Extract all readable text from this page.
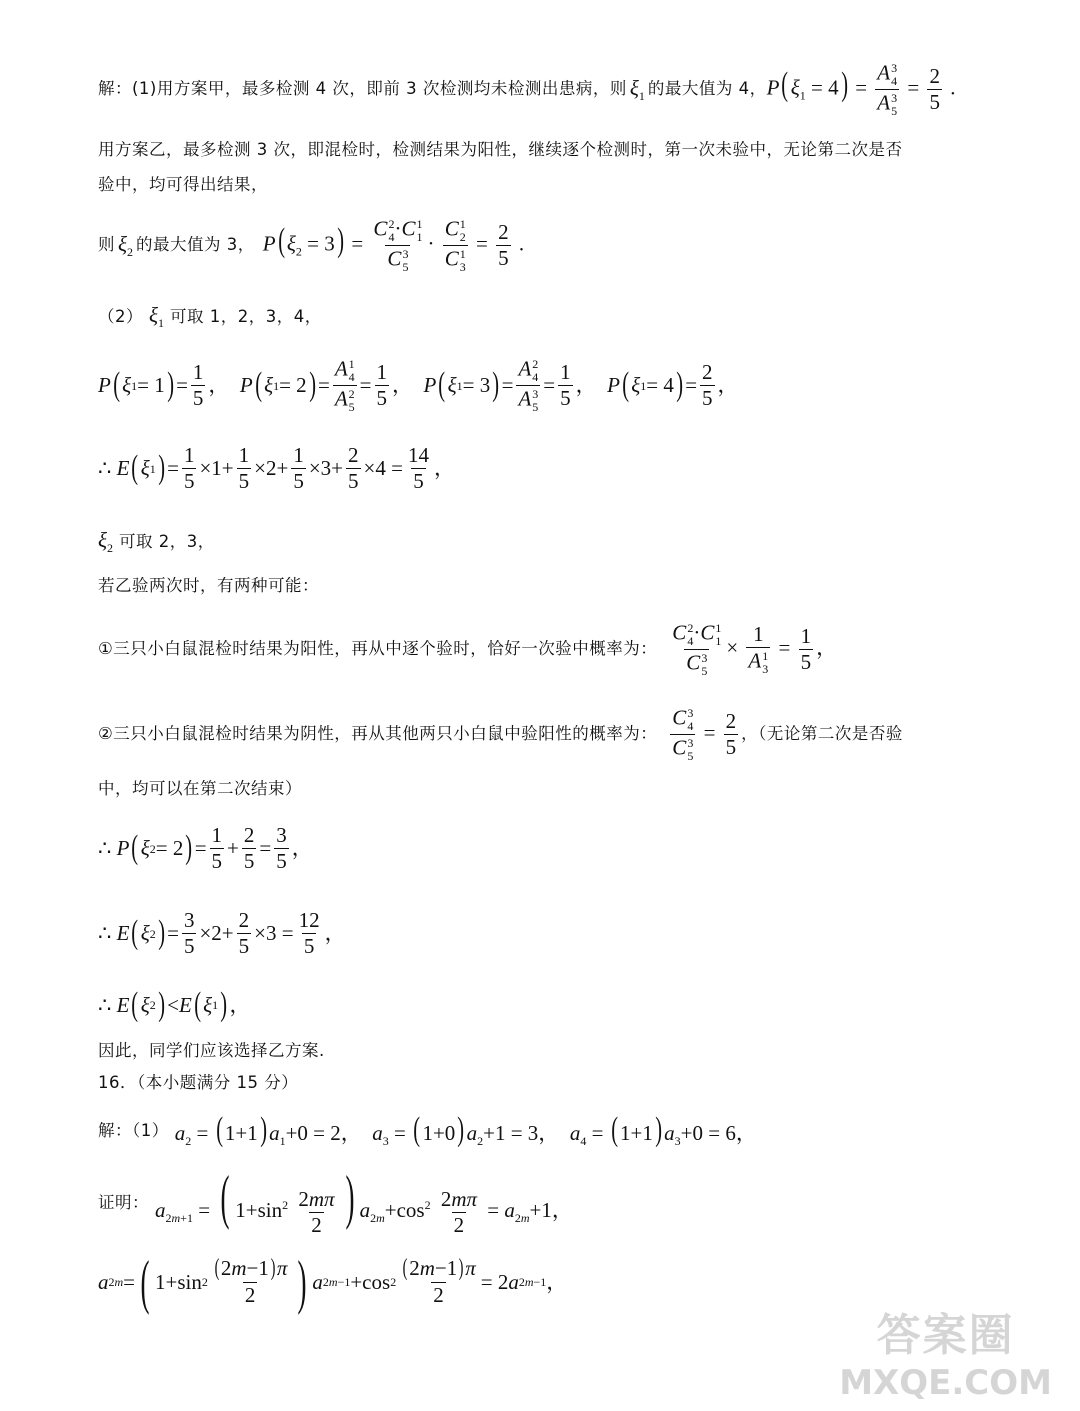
解：(1)用方案甲，最多检测 4 次，即前 3 次检测均未检测出患病，则 $\xi_1$ 的最大值为 4， P( $\xi_1 = 4) = A$ 3
4
A 3
$5 = \frac{2}{5}$ .
用方案乙，最多检测 3 次，即混检时，检测结果为阳性，继续逐个检测时，第一次未验中，无论第二次是否
验中，均可得出结果，
则 $\xi_2$ 的最大值为 3， P( $\xi_2 = 3) = C$ 2
4 ·C 1
1
C 3
5 · C 1
2
C 1
$3 = \frac{2}{5}$ .
（2） $\xi_1$ 可取 1，2，3，4，
P ( ξ 1 = 1 ) = $\frac{1}{5}$ ， P ( ξ 1 = 2 ) = A 1
4
A 2
$5 = \frac{1}{5}$ ， P ( ξ 1 = 3 ) = A 2
4
A 3
$5 = \frac{1}{5}$ ， P ( ξ 1 = 4 ) = $\frac{2}{5}$ ，
∴ E ( ξ 1 ) = $\frac{1}{5} \times 1+ \frac{1}{5} \times 2+ \frac{1}{5} \times 3+ \frac{2}{5} \times 4 = \frac{14}{5}$ ，
$\xi_2$ 可取 2，3，
若乙验两次时，有两种可能：
①三只小白鼠混检时结果为阳性，再从中逐个验时，恰好一次验中概率为： C 2
4 ·C 1
1
C 3
5 × 1
A 1
$3 = \frac{1}{5}$ ，
②三只小白鼠混检时结果为阴性，再从其他两只小白鼠中验阳性的概率为： C 3
4
C 3
$5 = \frac{2}{5}$ ，（无论第二次是否验
中，均可以在第二次结束）
∴ P ( ξ 2 = 2 ) = $\frac{1}{5} + \frac{2}{5} = \frac{3}{5}$ ，
∴ E ( ξ 2 ) = $\frac{3}{5} \times 2+ \frac{2}{5} \times 3 = \frac{12}{5}$ ，
∴ E ( ξ 2 ) < E ( ξ 1 ) ，
因此，同学们应该选择乙方案.
16．（本小题满分 15 分）
解：（1） $a_2$ = ( 1+1) $a_1+0 = 2$，  $a_3$ = ( 1+0) $a_2+1 = 3$，  $a_4$ = ( 1+1) $a_3+0 = 6$，
证明： $a_{2m+1}$ = ( $1+\sin^2 \frac{2m\pi}{2}$ ) $a_{2m}+\cos^2 \frac{2m\pi}{2} = a_{2m}+1$，
a 2m = ( 1+sin $2 \frac{(2m-1)\pi}{2}$ ) a 2m−1 +cos $2 \frac{(2m-1)\pi}{2} = 2$ a 2m−1 ，
答案圈
MXQE.COM
